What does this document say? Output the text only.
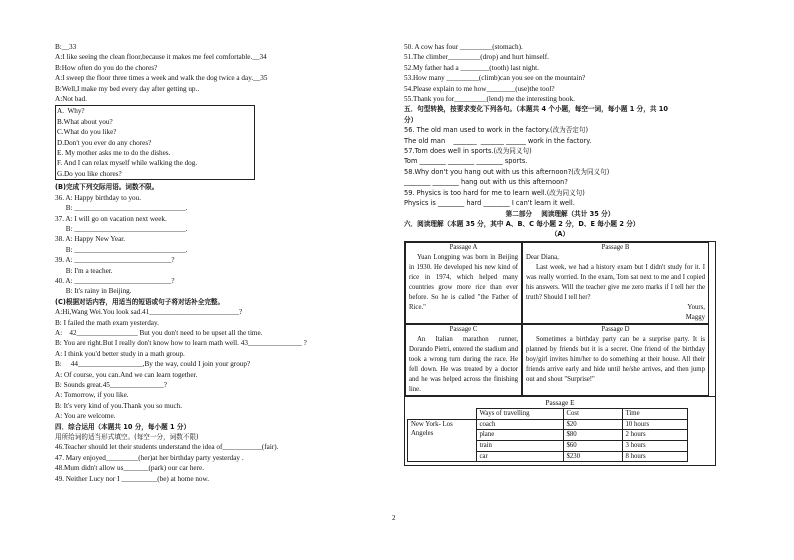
B:__33
A:I like seeing the clean floor,because it makes me feel comfortable.__34
B:How often do you do the chores?
A:I sweep the floor three times a week and walk the dog twice a day.__35
B:Well,I make my bed every day after getting up..
A:Not bad.
A.  Why?
B.What about you?
C.What do you like?
D.Don't you ever do any chores?
E. My mother asks me to do the dishes.
F. And I can relax myself while walking the dog.
G.Do you like chores?
(B)完成下列交际用语。词数不限。
36. A: Happy birthday to you.
B: _______________________________.
37. A: I will go on vacation next week.
B: _______________________________.
38. A: Happy New Year.
B: _______________________________.
39. A: ___________________________?
B: I'm a teacher.
40. A: ___________________________?
B: It's rainy in Beijing.
(C)根据对话内容，用适当的短语或句子将对话补全完整。
A:Hi,Wang Wei.You look sad.41_________________________?
B: I failed the math exam yesterday.
A:    42_________________ But you don't need to be upset all the time.
B: You are right.But I really don't know how to learn math well. 43_______________ ?
A: I think you'd better study in a math group.
B:     44__________________,By the way, could I join your group?
A: Of course, you can.And we can learn together.
B: Sounds great.45_______________?
A: Tomorrow, if you like.
B: It's very kind of you.Thank you so much.
A: You are welcome.
四．综合运用（本题共 10 分，每小题 1 分）
用所给词的适当形式填空。(每空一分，词数不限)
46.Teacher should let their students understand the idea of___________(fair).
47. Mary enjoyed_________(her)at her birthday party yesterday .
48.Mum didn't allow us_______(park) our car here.
49. Neither Lucy nor I __________(be) at home now.
50. A cow has four _________(stomach).
51.The climber_________(drop) and hurt himself.
52.My father had a ________(tooth) last night.
53.How many _________(climb)can you see on the mountain?
54.Please explain to me how________(use)the tool?
55.Thank you for_________(lend) me the interesting book.
五．句型转换，按要求变化下列各句。（本题共 4 个小题，每空一词，每小题 1 分，共 10
分）
56. The old man used to work in the factory.(改为否定句)
The old man    _______  _______ ______ work in the factory.
57.Tom does well in sports.(改为同义句)
Tom ________ ________ ________ sports.
58.Why don't you hang out with us this afternoon?(改为同义句)
________ ________ hang out with us this afternoon?
59. Physics is too hard for me to learn well.(改为同义句)
Physics is ________ hard ________ I can't learn it well.
第二部分    阅读理解（共计 35 分）
六．阅读理解（本题 35 分，其中 A、B、C 每小题 2 分，D、E 每小题 2 分）
（A）
Passage A
Yuan Longping was born in Beijing in 1930. He developed his new kind of rice in 1974, which helped many countries grow more rice than ever before. So he is called "the Father of Rice."
Passage B
Dear Diana,
Last week, we had a history exam but I didn't study for it. I was really worried. In the exam, Tom sat next to me and I copied his answers. Will the teacher give me zero marks if I tell her the truth? Should I tell her?
Yours,
Maggy
Passage C
An Italian marathon runner, Dorando Pietri, entered the stadium and took a wrong turn during the race. He fell down. He was treated by a doctor and he was helped across the finishing line.
Passage D
Sometimes a birthday party can be a surprise party. It is planned by friends but it is a secret. One friend of the birthday boy/girl invites him/her to do something at their house. All their friends arrive early and hide until he/she arrives, and then jump out and shout "Surprise!"
Passage E
	Ways of travelling	Cost	Time
New York- Los Angeles	coach	$20	10 hours
	plane	$80	2 hours
	train	$60	3 hours
	car	$230	8 hours
2
